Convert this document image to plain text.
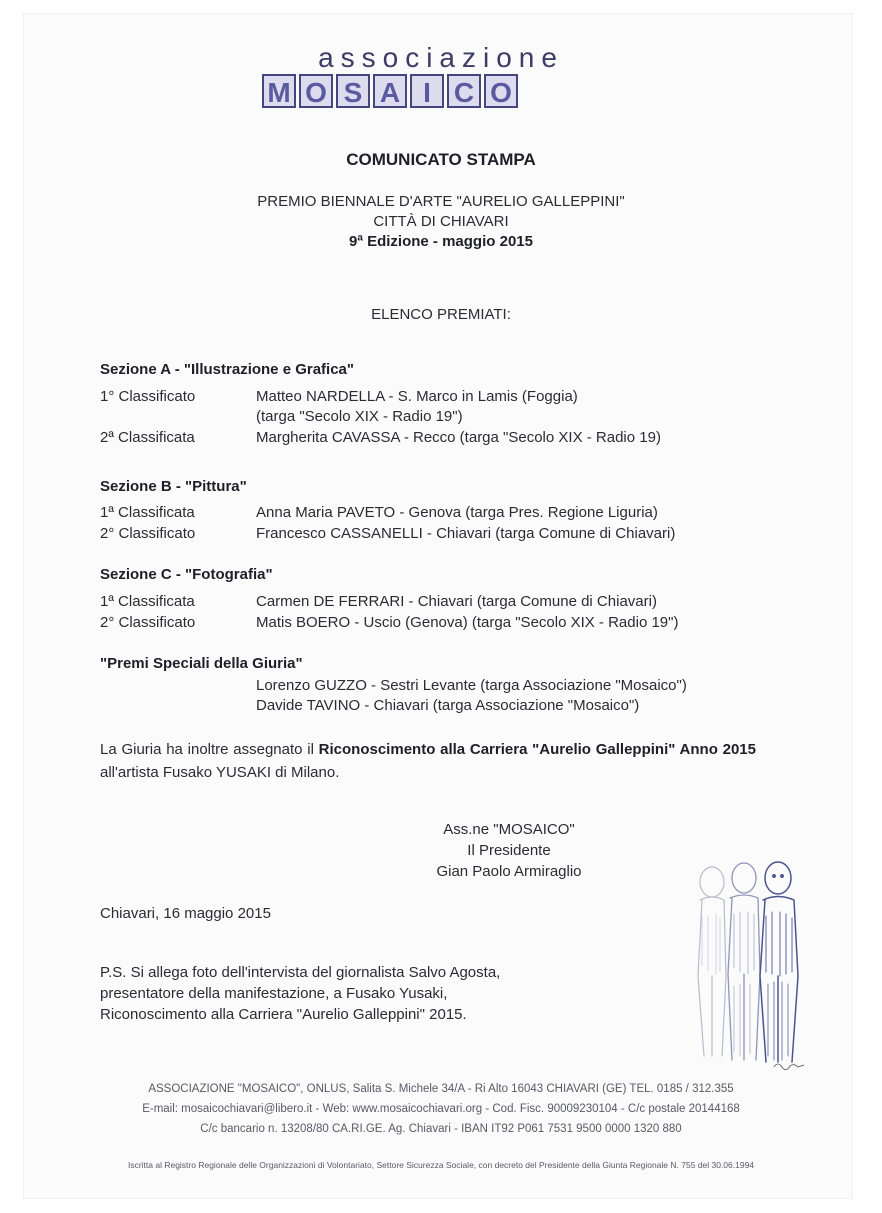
associazione
M O S A I C O
COMUNICATO STAMPA
PREMIO BIENNALE D'ARTE "AURELIO GALLEPPINI"
CITTÀ DI CHIAVARI
9ª Edizione - maggio 2015
ELENCO PREMIATI:
Sezione A - "Illustrazione e Grafica"
1° Classificato	Matteo NARDELLA - S. Marco in Lamis (Foggia)
(targa "Secolo XIX - Radio 19")
2ª Classificata	Margherita CAVASSA - Recco (targa "Secolo XIX - Radio 19)
Sezione B - "Pittura"
1ª Classificata	Anna Maria PAVETO - Genova (targa Pres. Regione Liguria)
2° Classificato	Francesco CASSANELLI - Chiavari (targa Comune di Chiavari)
Sezione C - "Fotografia"
1ª Classificata	Carmen DE FERRARI - Chiavari (targa Comune di Chiavari)
2° Classificato	Matis BOERO - Uscio (Genova) (targa "Secolo XIX - Radio 19")
"Premi Speciali della Giuria"
Lorenzo GUZZO - Sestri Levante (targa Associazione "Mosaico")
Davide TAVINO - Chiavari (targa Associazione "Mosaico")
La Giuria ha inoltre assegnato il Riconoscimento alla Carriera "Aurelio Galleppini" Anno 2015 all'artista Fusako YUSAKI di Milano.
Ass.ne "MOSAICO"
Il Presidente
Gian Paolo Armiraglio
Chiavari, 16 maggio 2015
P.S. Si allega foto dell'intervista del giornalista Salvo Agosta,
presentatore della manifestazione, a Fusako Yusaki,
Riconoscimento alla Carriera "Aurelio Galleppini" 2015.
ASSOCIAZIONE "MOSAICO", ONLUS, Salita S. Michele 34/A - Ri Alto 16043 CHIAVARI (GE) TEL. 0185 / 312.355
E-mail: mosaicochiavari@libero.it - Web: www.mosaicochiavari.org - Cod. Fisc. 90009230104 - C/c postale 20144168
C/c bancario n. 13208/80 CA.RI.GE. Ag. Chiavari - IBAN IT92 P061 7531 9500 0000 1320 880
Iscritta al Registro Regionale delle Organizzazioni di Volontariato, Settore Sicurezza Sociale, con decreto del Presidente della Giunta Regionale N. 755 del 30.06.1994
